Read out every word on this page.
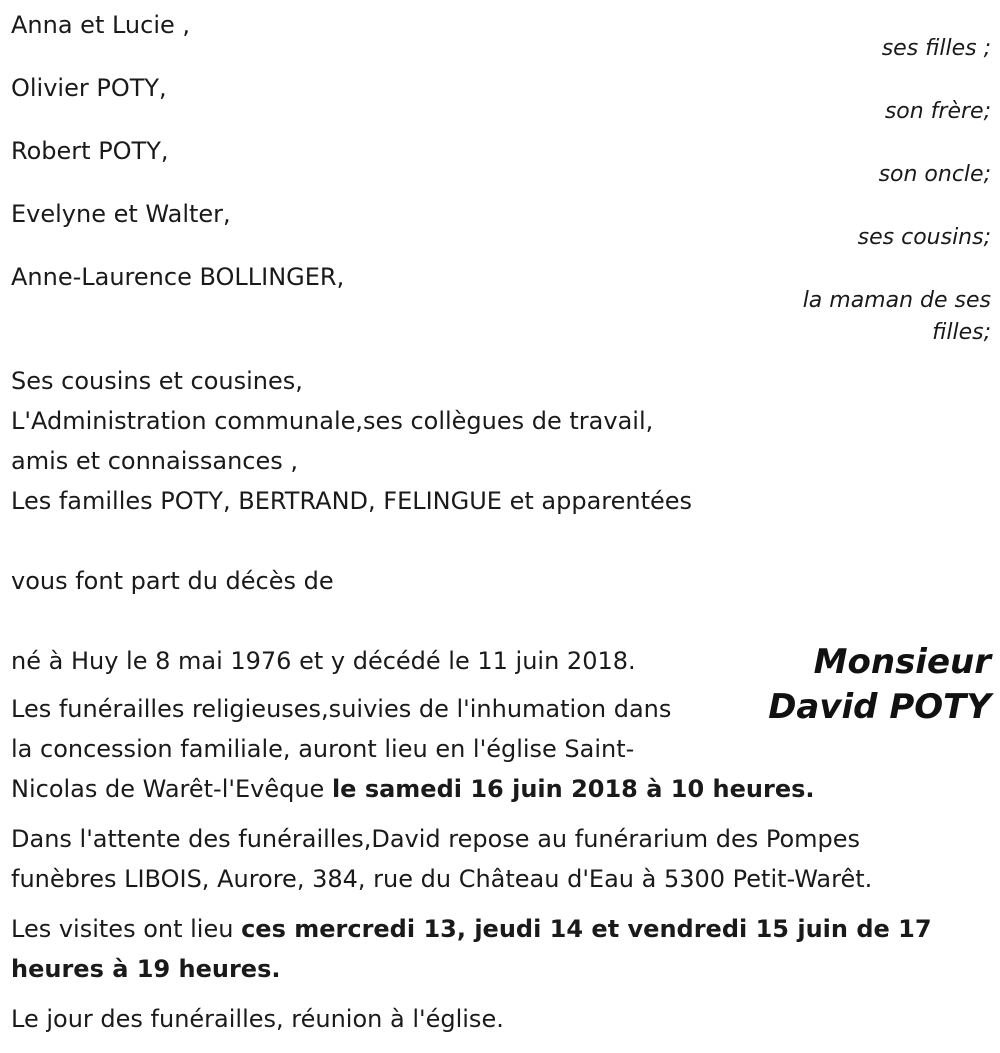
Anna et Lucie ,
ses filles ;
Olivier POTY,
son frère;
Robert POTY,
son oncle;
Evelyne et Walter,
ses cousins;
Anne-Laurence BOLLINGER,
la maman de ses filles;
Ses cousins et cousines,
L'Administration communale,ses collègues de travail,
amis et connaissances ,
Les familles POTY, BERTRAND, FELINGUE et apparentées
vous font part du décès de
Monsieur
David POTY
né à Huy le 8 mai 1976 et y décédé le 11 juin 2018.
Les funérailles religieuses,suivies de l'inhumation dans
la concession familiale, auront lieu en l'église Saint-
Nicolas de Warêt-l'Evêque le samedi 16 juin 2018 à 10 heures.
Dans l'attente des funérailles,David repose au funérarium des Pompes
funèbres LIBOIS, Aurore, 384, rue du Château d'Eau à 5300 Petit-Warêt.
Les visites ont lieu ces mercredi 13, jeudi 14 et vendredi 15 juin de 17
heures à 19 heures.
Le jour des funérailles, réunion à l'église.
